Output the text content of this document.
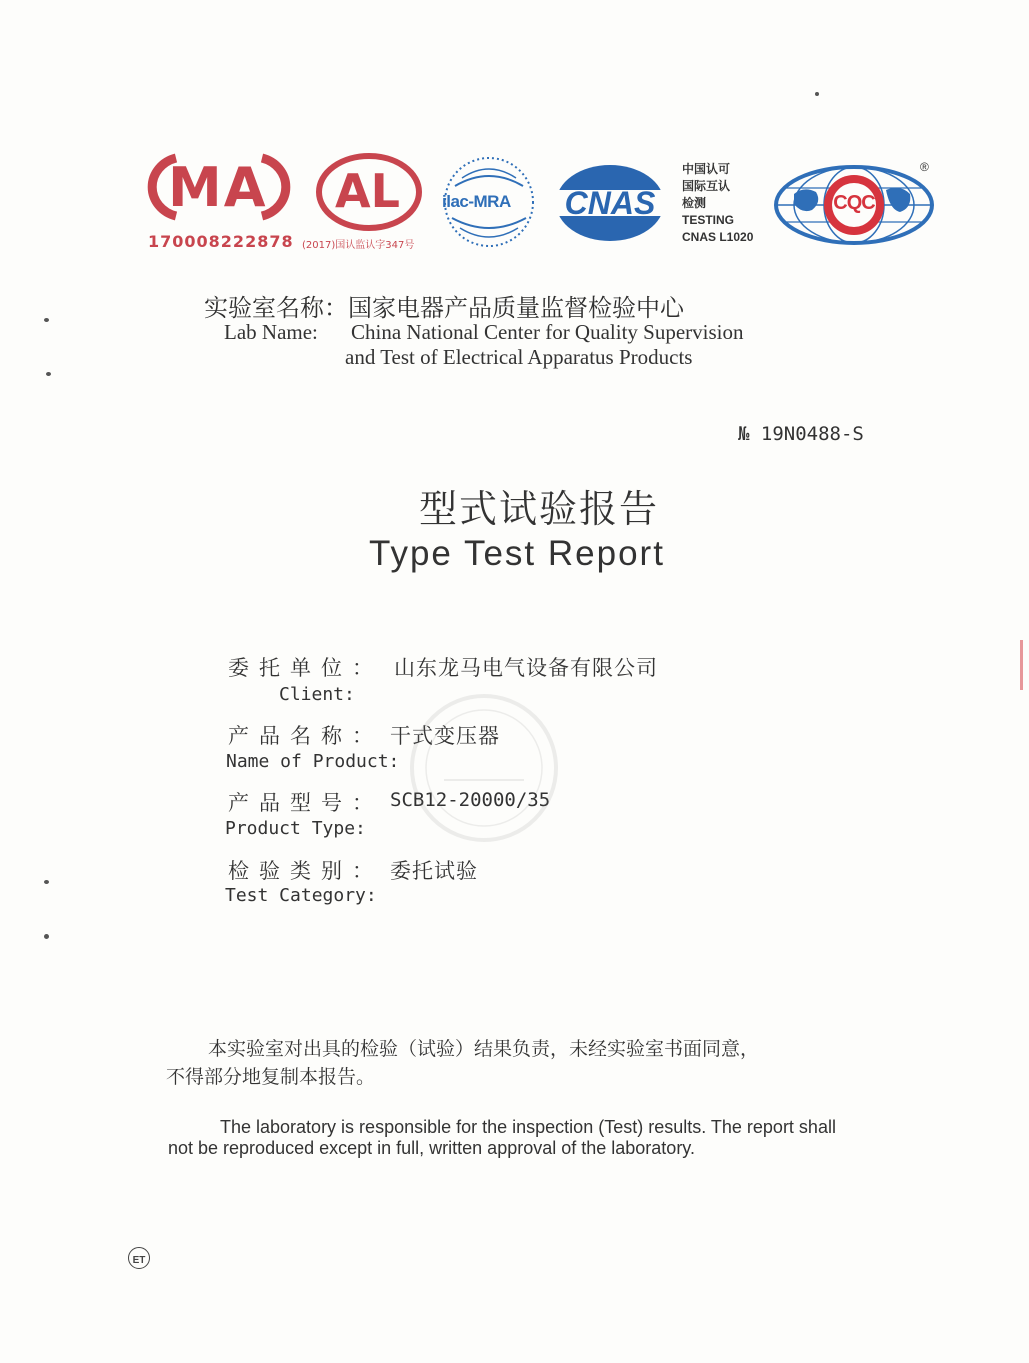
MA
170008222878
AL
(2017)国认监认字347号
ilac-MRA	CNAS
中国认可
国际互认
检测
TESTING
CNAS L1020
CQC
®
实验室名称：国家电器产品质量监督检验中心
Lab Name: China National Center for Quality Supervision
and Test of Electrical Apparatus Products
№ 19N0488-S
型式试验报告
Type Test Report
委托单位： 山东龙马电气设备有限公司
Client:
产品名称： 干式变压器
Name of Product:
产品型号： SCB12-20000/35
Product Type:
检验类别： 委托试验
Test Category:
本实验室对出具的检验（试验）结果负责，未经实验室书面同意，
不得部分地复制本报告。
The laboratory is responsible for the inspection (Test) results. The report shall
not be reproduced except in full, written approval of the laboratory.
ET
